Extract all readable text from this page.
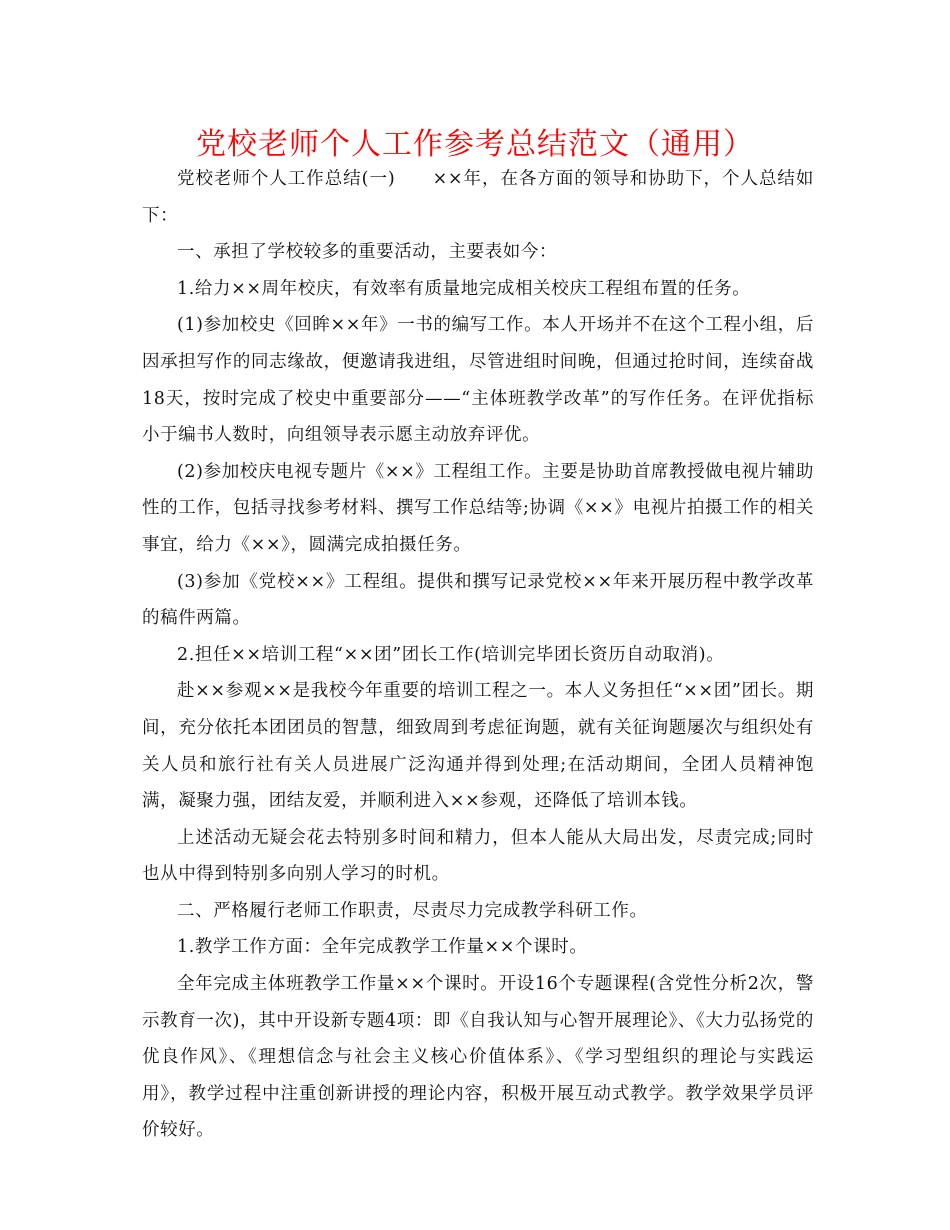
党校老师个人工作参考总结范文（通用）

党校老师个人工作总结(一)　　××年，在各方面的领导和协助下，个人总结如下：

一、承担了学校较多的重要活动，主要表如今：

1.给力××周年校庆，有效率有质量地完成相关校庆工程组布置的任务。

(1)参加校史《回眸××年》一书的编写工作。本人开场并不在这个工程小组，后因承担写作的同志缘故，便邀请我进组，尽管进组时间晚，但通过抢时间，连续奋战18天，按时完成了校史中重要部分——“主体班教学改革”的写作任务。在评优指标小于编书人数时，向组领导表示愿主动放弃评优。

(2)参加校庆电视专题片《××》工程组工作。主要是协助首席教授做电视片辅助性的工作，包括寻找参考材料、撰写工作总结等;协调《××》电视片拍摄工作的相关事宜，给力《××》，圆满完成拍摄任务。

(3)参加《党校××》工程组。提供和撰写记录党校××年来开展历程中教学改革的稿件两篇。

2.担任××培训工程“××团”团长工作(培训完毕团长资历自动取消)。

赴××参观××是我校今年重要的培训工程之一。本人义务担任“××团”团长。期间，充分依托本团团员的智慧，细致周到考虑征询题，就有关征询题屡次与组织处有关人员和旅行社有关人员进展广泛沟通并得到处理;在活动期间，全团人员精神饱满，凝聚力强，团结友爱，并顺利进入××参观，还降低了培训本钱。

上述活动无疑会花去特别多时间和精力，但本人能从大局出发，尽责完成;同时也从中得到特别多向别人学习的时机。

二、严格履行老师工作职责，尽责尽力完成教学科研工作。

1.教学工作方面：全年完成教学工作量××个课时。

全年完成主体班教学工作量××个课时。开设16个专题课程(含党性分析2次，警示教育一次)，其中开设新专题4项：即《自我认知与心智开展理论》、《大力弘扬党的优良作风》、《理想信念与社会主义核心价值体系》、《学习型组织的理论与实践运用》，教学过程中注重创新讲授的理论内容，积极开展互动式教学。教学效果学员评价较好。
